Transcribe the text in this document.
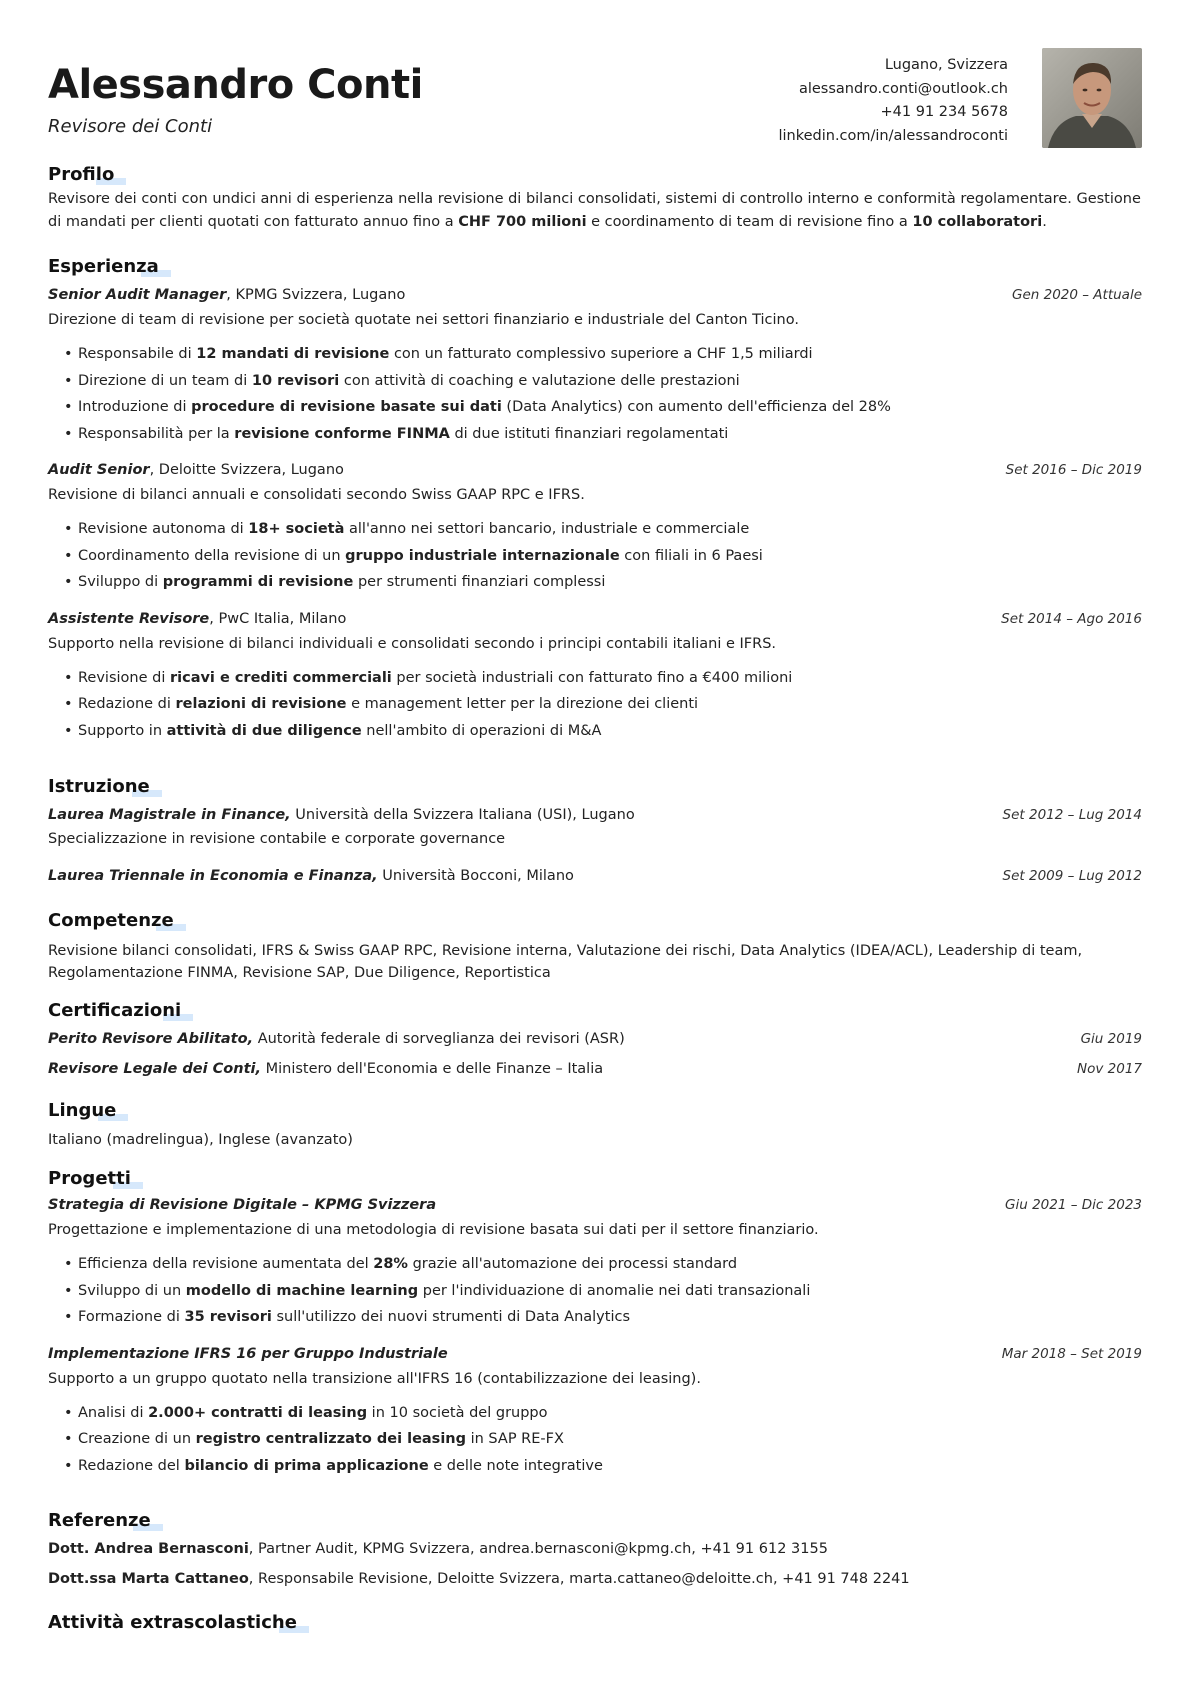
Alessandro Conti
Revisore dei Conti
Lugano, Svizzera
alessandro.conti@outlook.ch
+41 91 234 5678
linkedin.com/in/alessandroconti
Profilo

Revisore dei conti con undici anni di esperienza nella revisione di bilanci consolidati, sistemi di controllo interno e conformità regolamentare. Gestione di mandati per clienti quotati con fatturato annuo fino a CHF 700 milioni e coordinamento di team di revisione fino a 10 collaboratori.

Esperienza
Senior Audit Manager, KPMG Svizzera, Lugano	Gen 2020 – Attuale
Direzione di team di revisione per società quotate nei settori finanziario e industriale del Canton Ticino.
• Responsabile di 12 mandati di revisione con un fatturato complessivo superiore a CHF 1,5 miliardi
• Direzione di un team di 10 revisori con attività di coaching e valutazione delle prestazioni
• Introduzione di procedure di revisione basate sui dati (Data Analytics) con aumento dell'efficienza del 28%
• Responsabilità per la revisione conforme FINMA di due istituti finanziari regolamentati
Audit Senior, Deloitte Svizzera, Lugano	Set 2016 – Dic 2019
Revisione di bilanci annuali e consolidati secondo Swiss GAAP RPC e IFRS.
• Revisione autonoma di 18+ società all'anno nei settori bancario, industriale e commerciale
• Coordinamento della revisione di un gruppo industriale internazionale con filiali in 6 Paesi
• Sviluppo di programmi di revisione per strumenti finanziari complessi
Assistente Revisore, PwC Italia, Milano	Set 2014 – Ago 2016
Supporto nella revisione di bilanci individuali e consolidati secondo i principi contabili italiani e IFRS.
• Revisione di ricavi e crediti commerciali per società industriali con fatturato fino a €400 milioni
• Redazione di relazioni di revisione e management letter per la direzione dei clienti
• Supporto in attività di due diligence nell'ambito di operazioni di M&A
Istruzione
Laurea Magistrale in Finance, Università della Svizzera Italiana (USI), Lugano	Set 2012 – Lug 2014
Specializzazione in revisione contabile e corporate governance
Laurea Triennale in Economia e Finanza, Università Bocconi, Milano	Set 2009 – Lug 2012
Competenze

Revisione bilanci consolidati, IFRS & Swiss GAAP RPC, Revisione interna, Valutazione dei rischi, Data Analytics (IDEA/ACL), Leadership di team, Regolamentazione FINMA, Revisione SAP, Due Diligence, Reportistica

Certificazioni
Perito Revisore Abilitato, Autorità federale di sorveglianza dei revisori (ASR)	Giu 2019
Revisore Legale dei Conti, Ministero dell'Economia e delle Finanze – Italia	Nov 2017
Lingue

Italiano (madrelingua), Inglese (avanzato)

Progetti
Strategia di Revisione Digitale – KPMG Svizzera	Giu 2021 – Dic 2023
Progettazione e implementazione di una metodologia di revisione basata sui dati per il settore finanziario.
• Efficienza della revisione aumentata del 28% grazie all'automazione dei processi standard
• Sviluppo di un modello di machine learning per l'individuazione di anomalie nei dati transazionali
• Formazione di 35 revisori sull'utilizzo dei nuovi strumenti di Data Analytics
Implementazione IFRS 16 per Gruppo Industriale	Mar 2018 – Set 2019
Supporto a un gruppo quotato nella transizione all'IFRS 16 (contabilizzazione dei leasing).
• Analisi di 2.000+ contratti di leasing in 10 società del gruppo
• Creazione di un registro centralizzato dei leasing in SAP RE-FX
• Redazione del bilancio di prima applicazione e delle note integrative
Referenze
Dott. Andrea Bernasconi, Partner Audit, KPMG Svizzera, andrea.bernasconi@kpmg.ch, +41 91 612 3155
Dott.ssa Marta Cattaneo, Responsabile Revisione, Deloitte Svizzera, marta.cattaneo@deloitte.ch, +41 91 748 2241
Attività extrascolastiche
